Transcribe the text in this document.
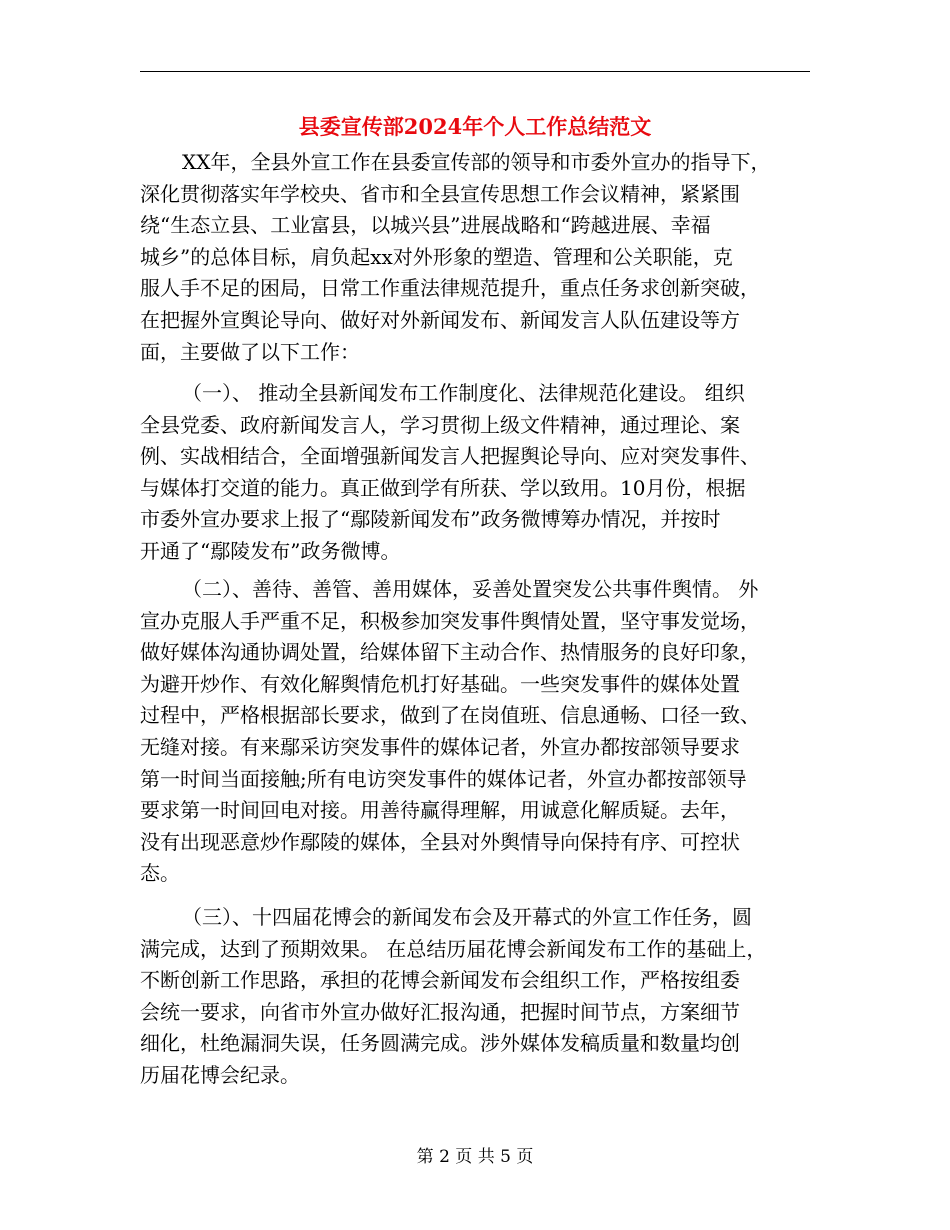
县委宣传部2024年个人工作总结范文
XX年，全县外宣工作在县委宣传部的领导和市委外宣办的指导下，
深化贯彻落实年学校央、省市和全县宣传思想工作会议精神，紧紧围
绕“生态立县、工业富县，以城兴县”进展战略和“跨越进展、幸福
城乡”的总体目标，肩负起xx对外形象的塑造、管理和公关职能，克
服人手不足的困局，日常工作重法律规范提升，重点任务求创新突破，
在把握外宣舆论导向、做好对外新闻发布、新闻发言人队伍建设等方
面，主要做了以下工作：
（一）、 推动全县新闻发布工作制度化、法律规范化建设。 组织
全县党委、政府新闻发言人，学习贯彻上级文件精神，通过理论、案
例、实战相结合，全面增强新闻发言人把握舆论导向、应对突发事件、
与媒体打交道的能力。真正做到学有所获、学以致用。10月份，根据
市委外宣办要求上报了“鄢陵新闻发布”政务微博筹办情况，并按时
开通了“鄢陵发布”政务微博。
（二）、善待、善管、善用媒体，妥善处置突发公共事件舆情。 外
宣办克服人手严重不足，积极参加突发事件舆情处置，坚守事发觉场，
做好媒体沟通协调处置，给媒体留下主动合作、热情服务的良好印象，
为避开炒作、有效化解舆情危机打好基础。一些突发事件的媒体处置
过程中，严格根据部长要求，做到了在岗值班、信息通畅、口径一致、
无缝对接。有来鄢采访突发事件的媒体记者，外宣办都按部领导要求
第一时间当面接触;所有电访突发事件的媒体记者，外宣办都按部领导
要求第一时间回电对接。用善待赢得理解，用诚意化解质疑。去年，
没有出现恶意炒作鄢陵的媒体，全县对外舆情导向保持有序、可控状
态。
（三）、十四届花博会的新闻发布会及开幕式的外宣工作任务，圆
满完成，达到了预期效果。 在总结历届花博会新闻发布工作的基础上，
不断创新工作思路，承担的花博会新闻发布会组织工作，严格按组委
会统一要求，向省市外宣办做好汇报沟通，把握时间节点，方案细节
细化，杜绝漏洞失误，任务圆满完成。涉外媒体发稿质量和数量均创
历届花博会纪录。
第 2 页 共 5 页
